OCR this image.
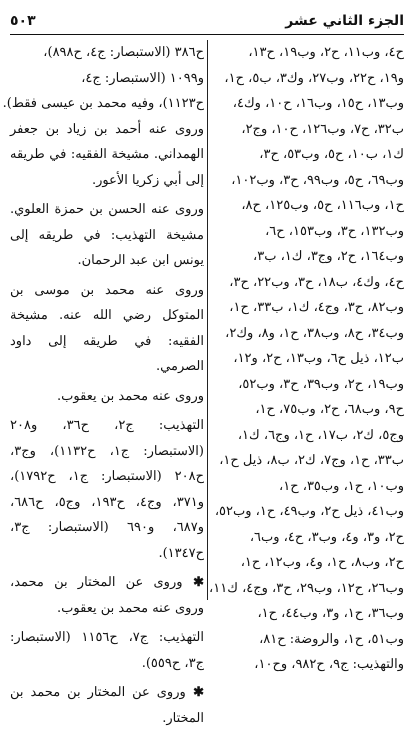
الجزء الثاني عشر
٥٠٣
ح٤، وب١١، ح٢، وب١٩، ح١٣،
و١٩، ح٢٢، وب٢٧، وك٣، ب٥، ح١،
وب١٣، ح١٥، وب١٦، ح١٠، وك٤،
ب٣٢، ح٧، وب١٢٦، ح١٠، وج٢،
ك١، ب١٠، ح٥، وب٥٣، ح٣،
وب٦٩، ح٥، وب٩٩، ح٣، وب١٠٢،
ح١، وب١١٦، ح٥، وب١٢٥، ح٨،
وب١٣٢، ح٣، وب١٥٣، ح٦،
وب١٦٤، ح٢، وج٣، ك١، ب٣،
ح٤، وك٤، ب١٨، ح٣، وب٢٢، ح٣،
وب٨٢، ح٣، وج٤، ك١، ب٣٣، ح١،
وب٣٤، ح٨، وب٣٨، ح١، و٨، وك٢،
ب١٢، ذيل ح٦، وب١٣، ح٢، و١٢،
وب١٩، ح٢، وب٣٩، ح٣، وب٥٢،
ح٩، وب٦٨، ح٢، وب٧٥، ح١،
وج٥، ك٢، ب١٧، ح١، وج٦، ك١،
ب٣٣، ح١، وج٧، ك٢، ب٨، ذيل ح١،
وب١٠، ح١، وب٣٥، ح١،
وب٤١، ذيل ح٢، وب٤٩، ح١، وب٥٢،
ح٢، و٣، و٤، وب٣، ح٤، وب٦،
ح٢، وب٨، ح١، و٤، وب١٢، ح١،
وب٢٦، ح١٢، وب٢٩، ح٣، وج٤، ك١١،
وب٣٦، ح١، و٣، وب٤٤، ح١،
وب٥١، ح١، والروضة: ح٨١،
والتهذيب: ج٩، ح٩٨٢، وح١٠،
ح٣٨٦ (الاستبصار: ج٤، ح٨٩٨)،
و١٠٩٩ (الاستبصار: ج٤،
ح١١٢٣)، وفيه محمد بن عيسى فقط).

وروى عنه أحمد بن زياد بن جعفر الهمداني. مشيخة الفقيه: في طريقه إلى أبي زكريا الأعور.

وروى عنه الحسن بن حمزة العلوي. مشيخة التهذيب: في طريقه إلى يونس ابن عبد الرحمان.

وروى عنه محمد بن موسى بن المتوكل رضي الله عنه. مشيخة الفقيه: في طريقه إلى داود الصرمي.

وروى عنه محمد بن يعقوب.

التهذيب: ج٢، ح٣٦، و٢٠٨ (الاستبصار: ج١، ح١١٣٢)، وج٣، ح٢٠٨ (الاستبصار: ج١، ح١٧٩٢)، و٣٧١، وج٤، ح١٩٣، وج٥، ح٦٨٦، و٦٨٧، و٦٩٠ (الاستبصار: ج٣، ح١٣٤٧).

✱ وروى عن المختار بن محمد، وروى عنه محمد بن يعقوب.

التهذيب: ج٧، ح١١٥٦ (الاستبصار: ج٣، ح٥٥٩).

✱ وروى عن المختار بن محمد بن المختار.
